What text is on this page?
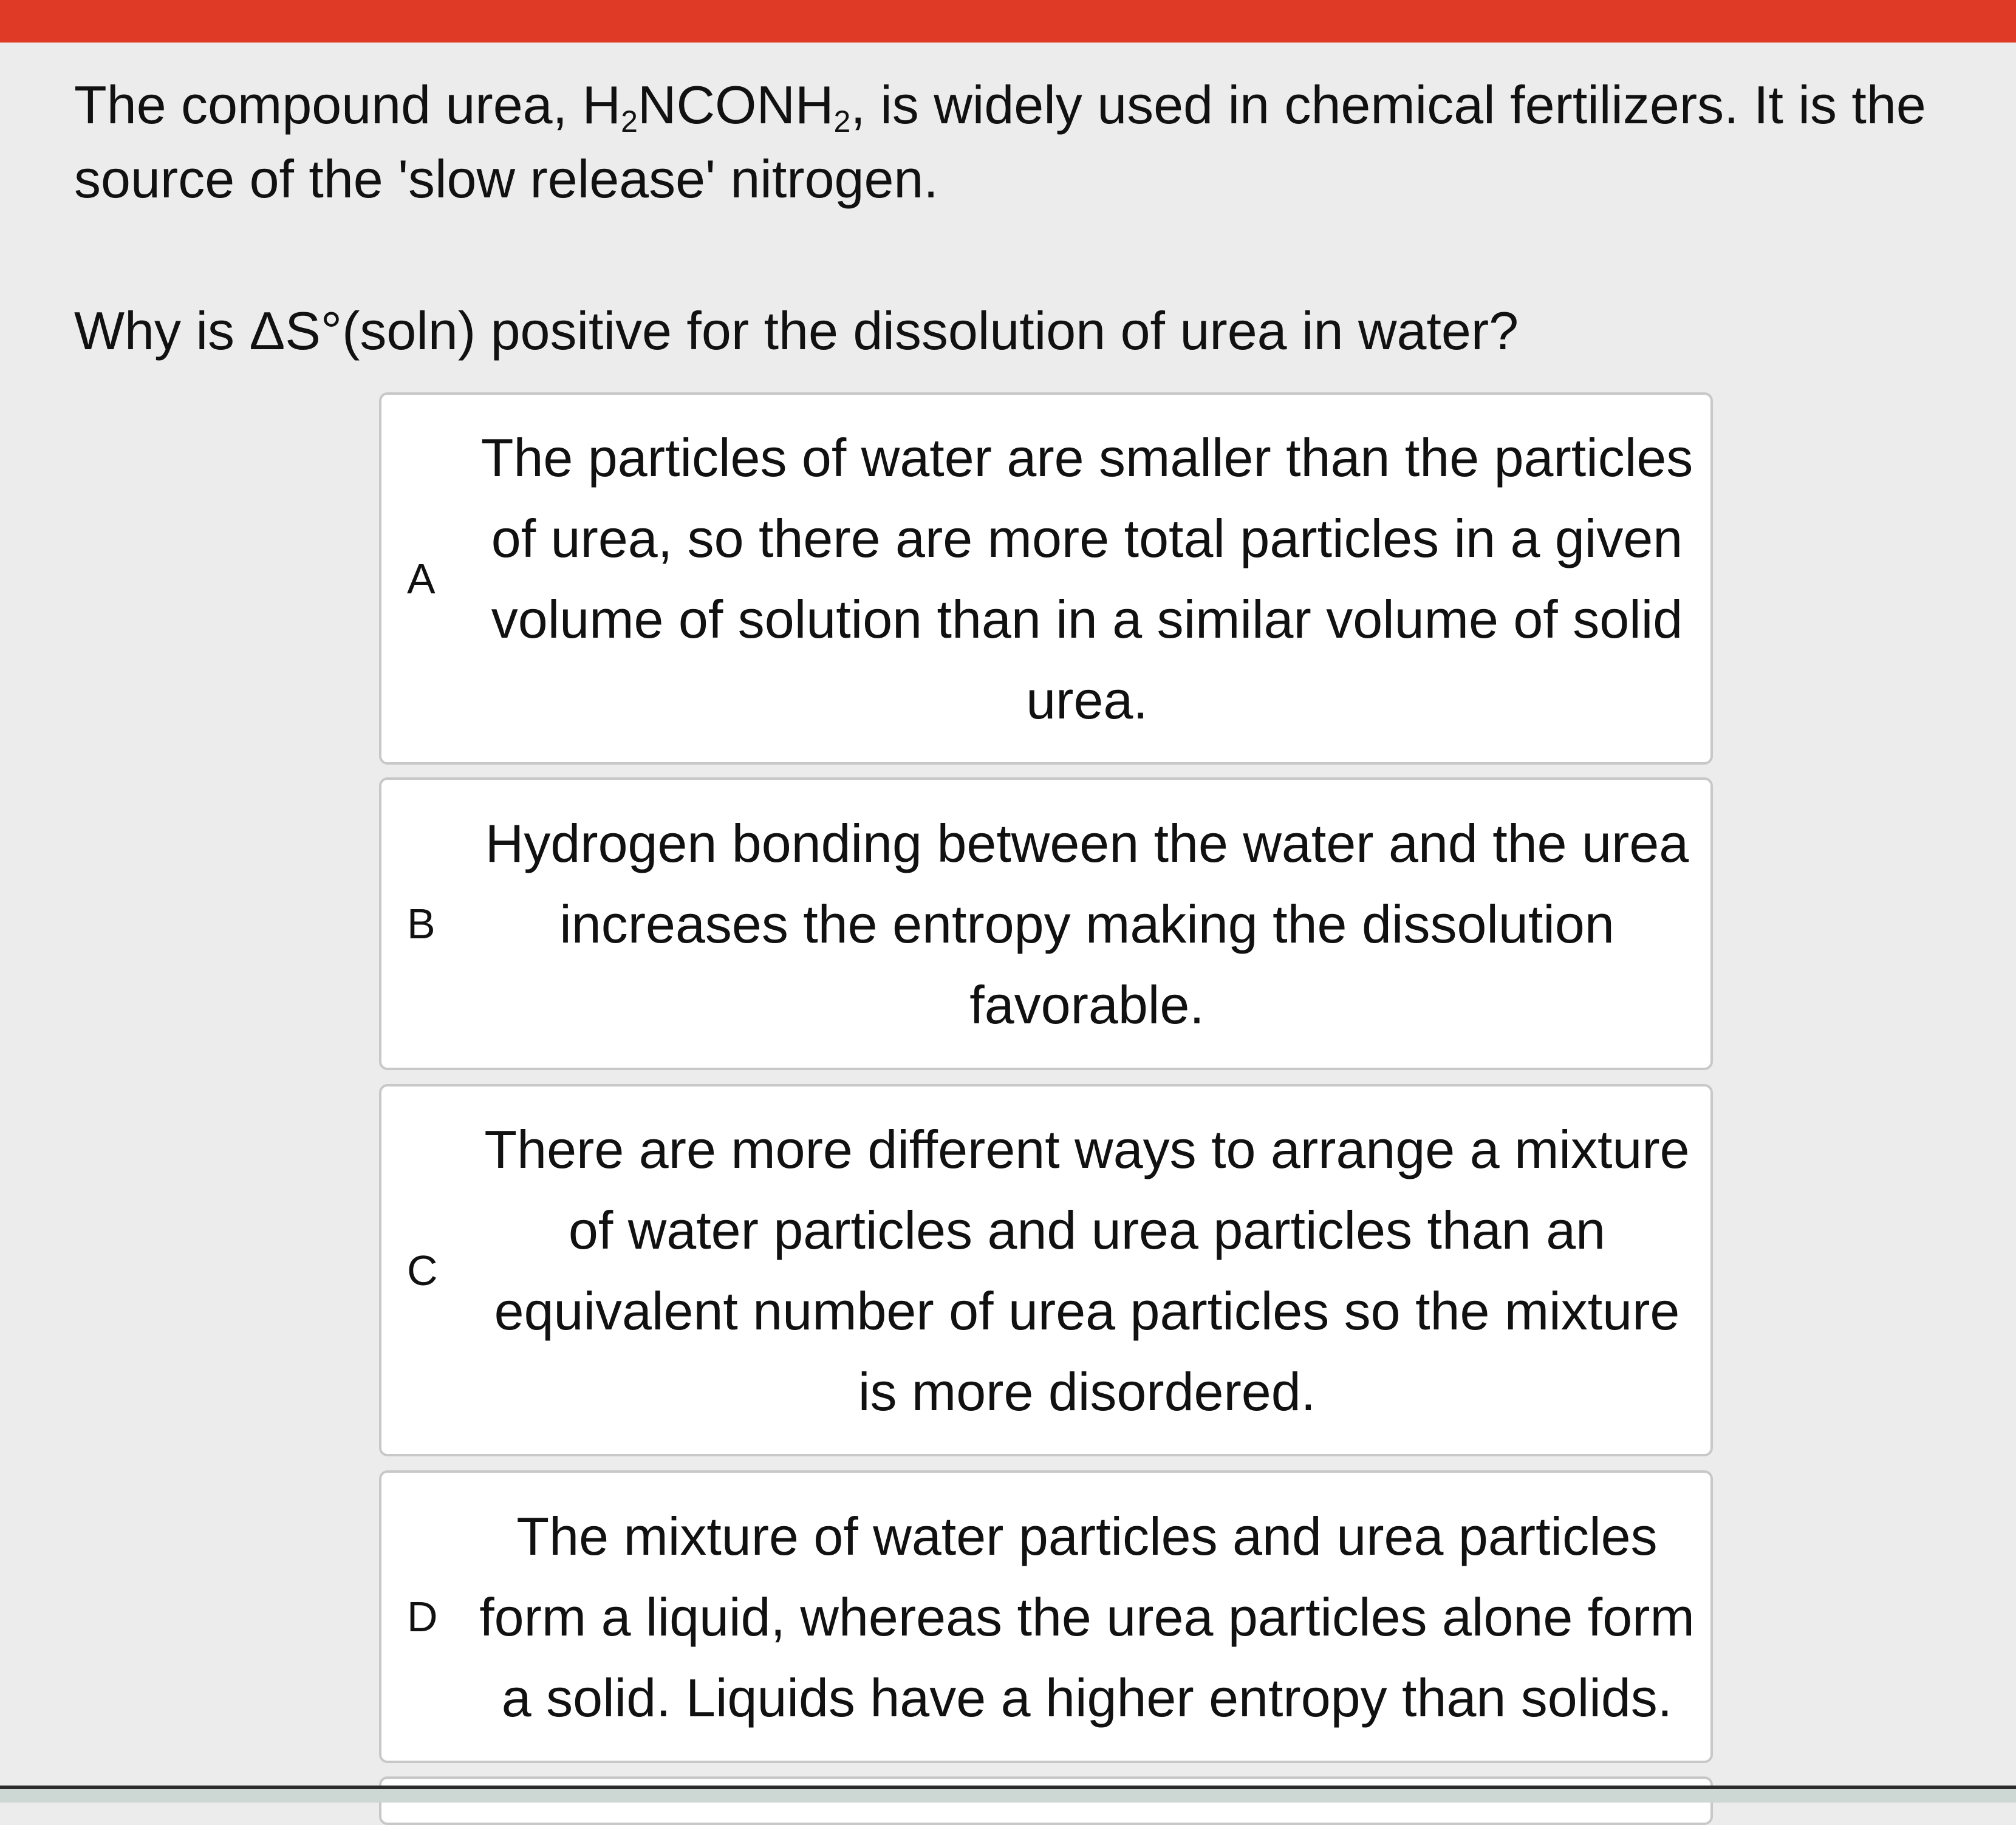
The compound urea, $H_2NCONH_2$, is widely used in chemical fertilizers. It is the source of the 'slow release' nitrogen.
Why is ΔS°(soln) positive for the dissolution of urea in water?
A
The particles of water are smaller than the particles of urea, so there are more total particles in a given volume of solution than in a similar volume of solid urea.
B
Hydrogen bonding between the water and the urea increases the entropy making the dissolution favorable.
C
There are more different ways to arrange a mixture of water particles and urea particles than an equivalent number of urea particles so the mixture is more disordered.
D
The mixture of water particles and urea particles form a liquid, whereas the urea particles alone form a solid. Liquids have a higher entropy than solids.
